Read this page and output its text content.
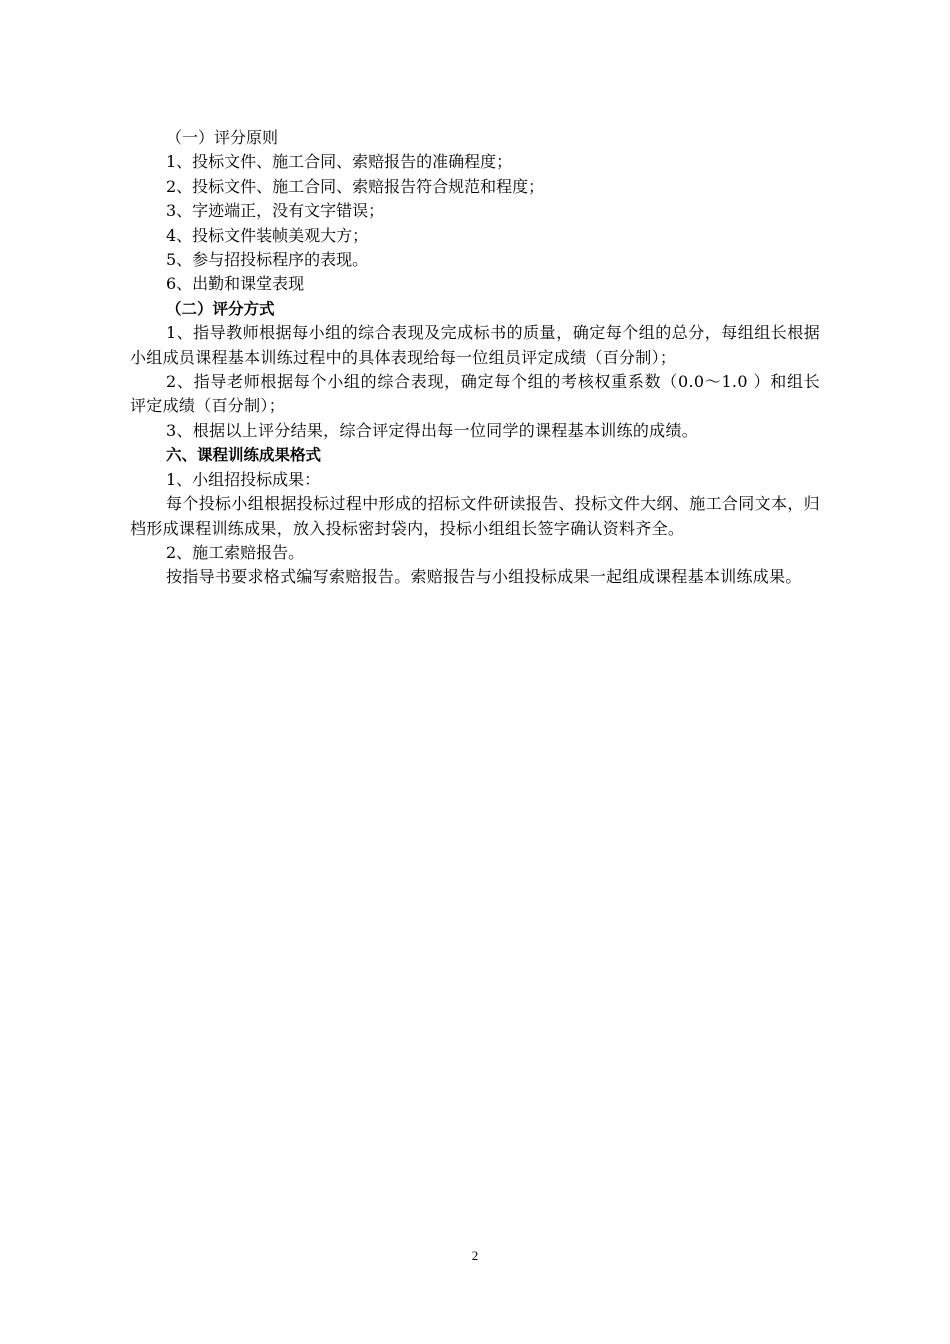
（一）评分原则

1、投标文件、施工合同、索赔报告的准确程度；

2、投标文件、施工合同、索赔报告符合规范和程度；

3、字迹端正，没有文字错误；

4、投标文件装帧美观大方；

5、参与招投标程序的表现。

6、出勤和课堂表现

（二）评分方式

1、指导教师根据每小组的综合表现及完成标书的质量，确定每个组的总分，每组组长根据小组成员课程基本训练过程中的具体表现给每一位组员评定成绩（百分制）；

2、指导老师根据每个小组的综合表现，确定每个组的考核权重系数（0.0～1.0 ）和组长评定成绩（百分制）；

3、根据以上评分结果，综合评定得出每一位同学的课程基本训练的成绩。

六、课程训练成果格式

1、小组招投标成果：

每个投标小组根据投标过程中形成的招标文件研读报告、投标文件大纲、施工合同文本，归档形成课程训练成果，放入投标密封袋内，投标小组组长签字确认资料齐全。

2、施工索赔报告。

按指导书要求格式编写索赔报告。索赔报告与小组投标成果一起组成课程基本训练成果。

2
